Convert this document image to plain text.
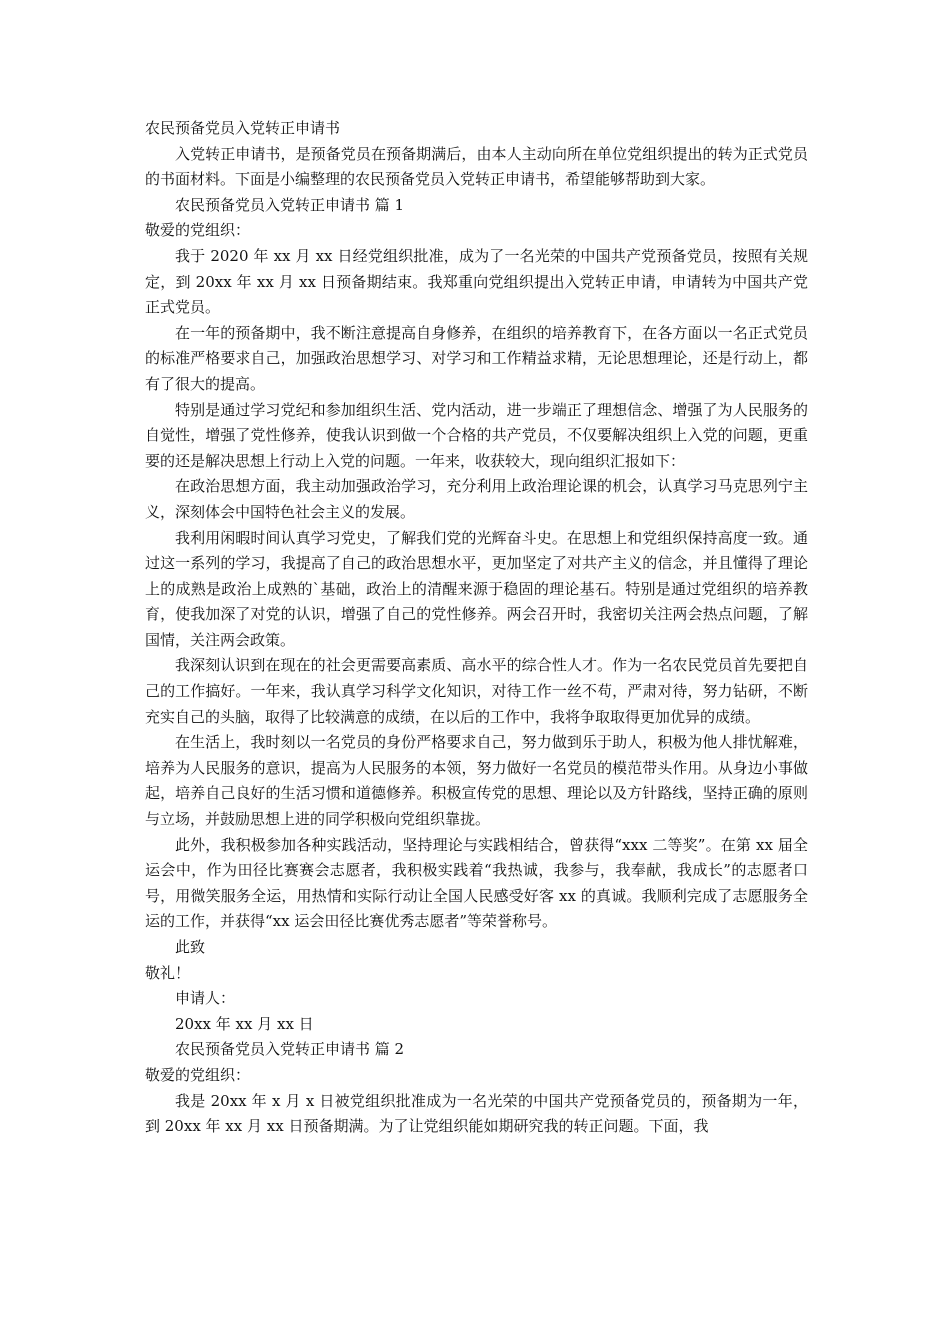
农民预备党员入党转正申请书

入党转正申请书，是预备党员在预备期满后，由本人主动向所在单位党组织提出的转为正式党员的书面材料。下面是小编整理的农民预备党员入党转正申请书，希望能够帮助到大家。

农民预备党员入党转正申请书 篇 1

敬爱的党组织：

我于 2020 年 xx 月 xx 日经党组织批准，成为了一名光荣的中国共产党预备党员，按照有关规定，到 20xx 年 xx 月 xx 日预备期结束。我郑重向党组织提出入党转正申请，申请转为中国共产党正式党员。

在一年的预备期中，我不断注意提高自身修养，在组织的培养教育下，在各方面以一名正式党员的标准严格要求自己，加强政治思想学习、对学习和工作精益求精，无论思想理论，还是行动上，都有了很大的提高。

特别是通过学习党纪和参加组织生活、党内活动，进一步端正了理想信念、增强了为人民服务的自觉性，增强了党性修养，使我认识到做一个合格的共产党员，不仅要解决组织上入党的问题，更重要的还是解决思想上行动上入党的问题。一年来，收获较大，现向组织汇报如下：

在政治思想方面，我主动加强政治学习，充分利用上政治理论课的机会，认真学习马克思列宁主义，深刻体会中国特色社会主义的发展。

我利用闲暇时间认真学习党史，了解我们党的光辉奋斗史。在思想上和党组织保持高度一致。通过这一系列的学习，我提高了自己的政治思想水平，更加坚定了对共产主义的信念，并且懂得了理论上的成熟是政治上成熟的`基础，政治上的清醒来源于稳固的理论基石。特别是通过党组织的培养教育，使我加深了对党的认识，增强了自己的党性修养。两会召开时，我密切关注两会热点问题，了解国情，关注两会政策。

我深刻认识到在现在的社会更需要高素质、高水平的综合性人才。作为一名农民党员首先要把自己的工作搞好。一年来，我认真学习科学文化知识，对待工作一丝不苟，严肃对待，努力钻研，不断充实自己的头脑，取得了比较满意的成绩，在以后的工作中，我将争取取得更加优异的成绩。

在生活上，我时刻以一名党员的身份严格要求自己，努力做到乐于助人，积极为他人排忧解难，培养为人民服务的意识，提高为人民服务的本领，努力做好一名党员的模范带头作用。从身边小事做起，培养自己良好的生活习惯和道德修养。积极宣传党的思想、理论以及方针路线，坚持正确的原则与立场，并鼓励思想上进的同学积极向党组织靠拢。

此外，我积极参加各种实践活动，坚持理论与实践相结合，曾获得“xxx 二等奖”。在第 xx 届全运会中，作为田径比赛赛会志愿者，我积极实践着“我热诚，我参与，我奉献，我成长”的志愿者口号，用微笑服务全运，用热情和实际行动让全国人民感受好客 xx 的真诚。我顺利完成了志愿服务全运的工作，并获得“xx 运会田径比赛优秀志愿者”等荣誉称号。

此致

敬礼！

申请人：

20xx 年 xx 月 xx 日

农民预备党员入党转正申请书 篇 2

敬爱的党组织：

我是 20xx 年 x 月 x 日被党组织批准成为一名光荣的中国共产党预备党员的，预备期为一年，到 20xx 年 xx 月 xx 日预备期满。为了让党组织能如期研究我的转正问题。下面，我
